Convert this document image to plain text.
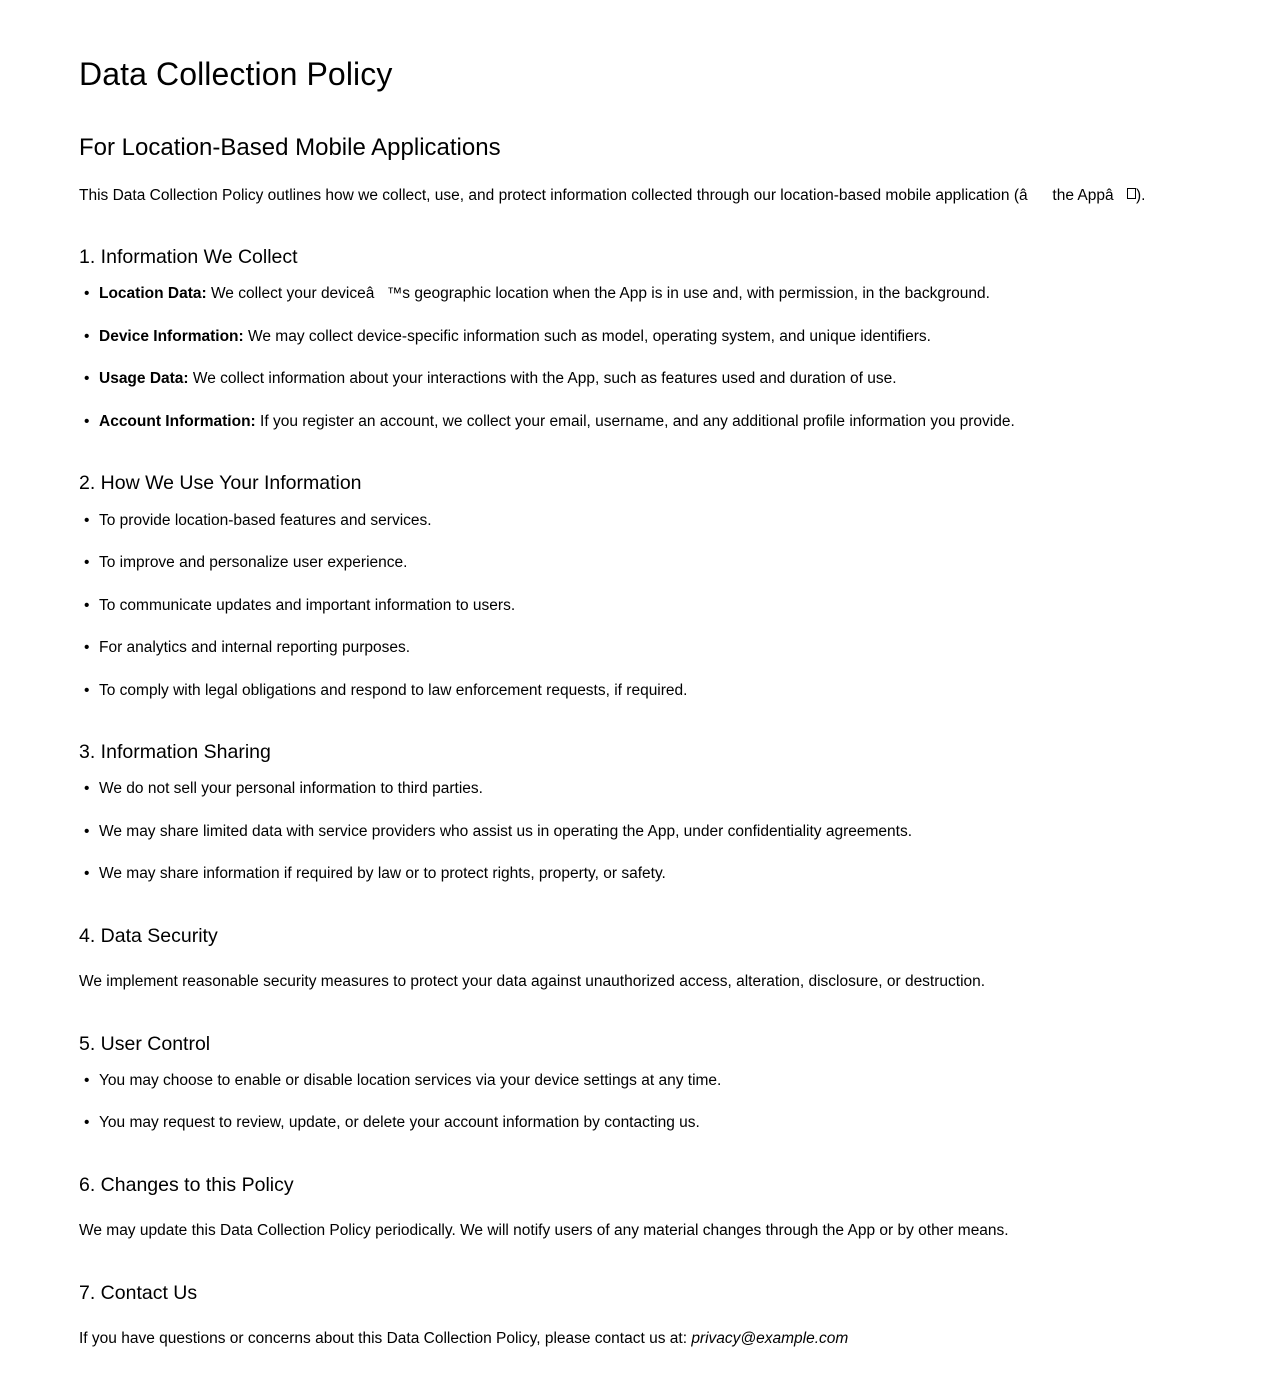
Data Collection Policy
For Location-Based Mobile Applications

This Data Collection Policy outlines how we collect, use, and protect information collected through our location-based mobile application (âthe Appâ ).

1. Information We Collect
• Location Data: We collect your deviceâ™s geographic location when the App is in use and, with permission, in the background.
• Device Information: We may collect device-specific information such as model, operating system, and unique identifiers.
• Usage Data: We collect information about your interactions with the App, such as features used and duration of use.
• Account Information: If you register an account, we collect your email, username, and any additional profile information you provide.
2. How We Use Your Information
• To provide location-based features and services.
• To improve and personalize user experience.
• To communicate updates and important information to users.
• For analytics and internal reporting purposes.
• To comply with legal obligations and respond to law enforcement requests, if required.
3. Information Sharing
• We do not sell your personal information to third parties.
• We may share limited data with service providers who assist us in operating the App, under confidentiality agreements.
• We may share information if required by law or to protect rights, property, or safety.
4. Data Security

We implement reasonable security measures to protect your data against unauthorized access, alteration, disclosure, or destruction.

5. User Control
• You may choose to enable or disable location services via your device settings at any time.
• You may request to review, update, or delete your account information by contacting us.
6. Changes to this Policy

We may update this Data Collection Policy periodically. We will notify users of any material changes through the App or by other means.

7. Contact Us

If you have questions or concerns about this Data Collection Policy, please contact us at: privacy@example.com
